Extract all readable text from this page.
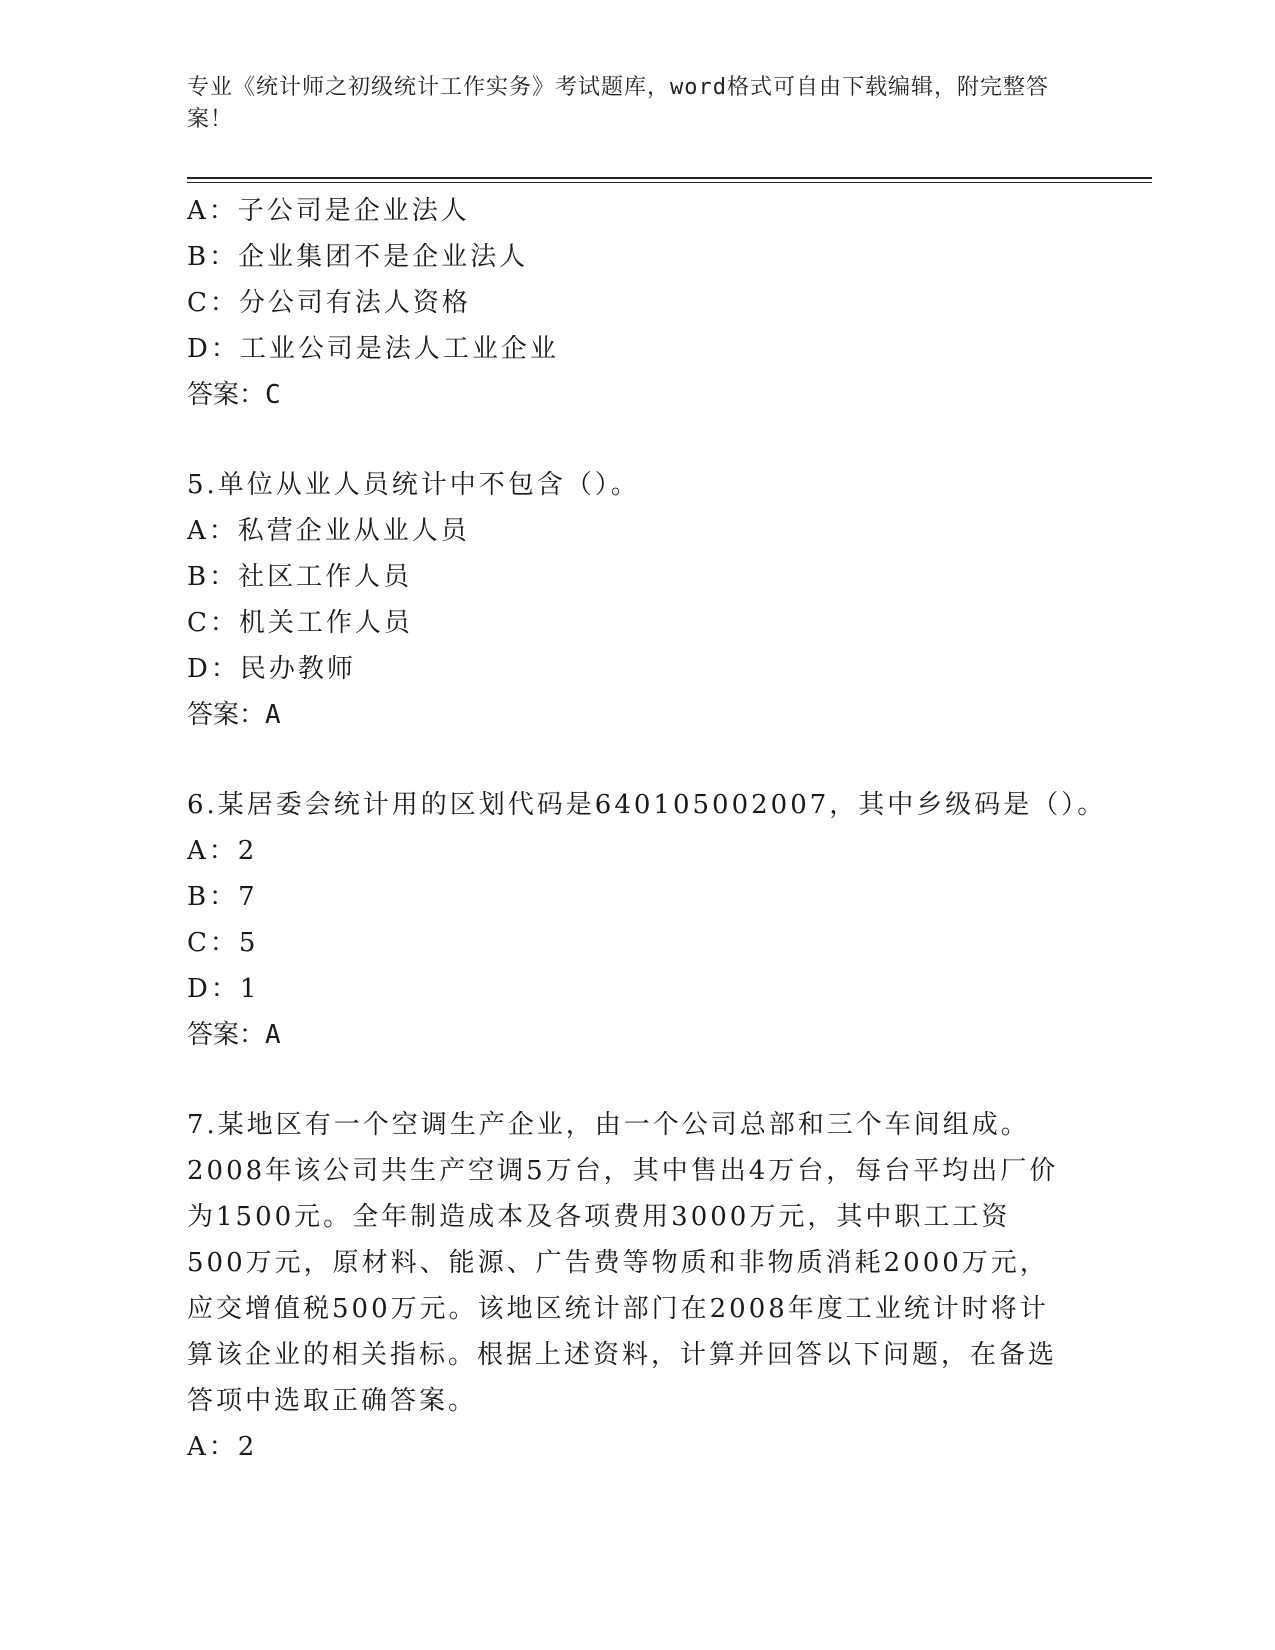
专业《统计师之初级统计工作实务》考试题库，word格式可自由下载编辑，附完整答案！
A：子公司是企业法人
B：企业集团不是企业法人
C：分公司有法人资格
D：工业公司是法人工业企业
答案：C
5.单位从业人员统计中不包含（）。
A：私营企业从业人员
B：社区工作人员
C：机关工作人员
D：民办教师
答案：A
6.某居委会统计用的区划代码是640105002007，其中乡级码是（）。
A：2
B：7
C：5
D：1
答案：A
7.某地区有一个空调生产企业，由一个公司总部和三个车间组成。2008年该公司共生产空调5万台，其中售出4万台，每台平均出厂价为1500元。全年制造成本及各项费用3000万元，其中职工工资500万元，原材料、能源、广告费等物质和非物质消耗2000万元，应交增值税500万元。该地区统计部门在2008年度工业统计时将计算该企业的相关指标。根据上述资料，计算并回答以下问题，在备选答项中选取正确答案。
A：2
